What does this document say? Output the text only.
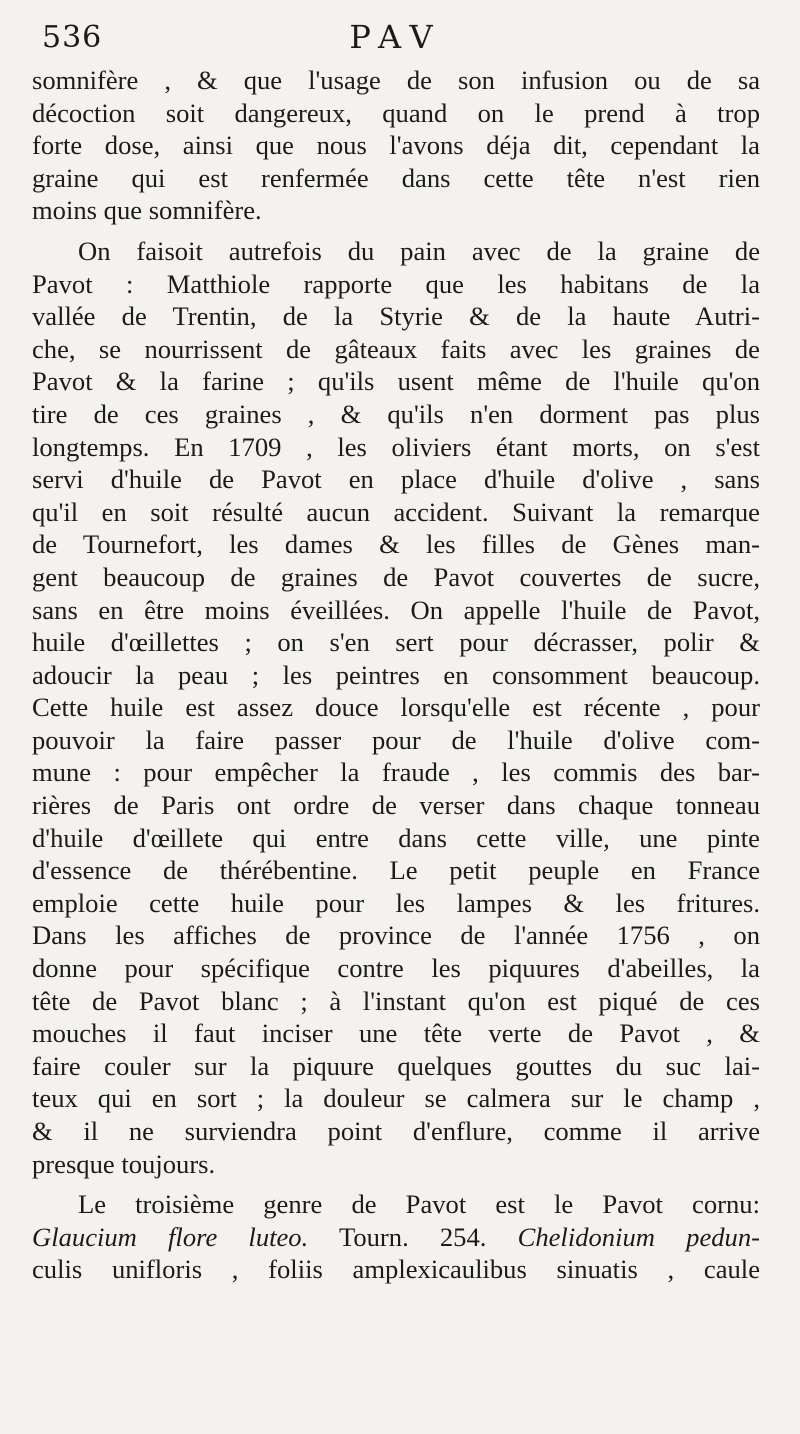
536	PAV
somnifère , & que l'usage de son infusion ou de sa
décoction soit dangereux, quand on le prend à trop
forte dose, ainsi que nous l'avons déja dit, cependant la
graine qui est renfermée dans cette tête n'est rien
moins que somnifère.
On faisoit autrefois du pain avec de la graine de
Pavot : Matthiole rapporte que les habitans de la
vallée de Trentin, de la Styrie & de la haute Autri-
che, se nourrissent de gâteaux faits avec les graines de
Pavot & la farine ; qu'ils usent même de l'huile qu'on
tire de ces graines , & qu'ils n'en dorment pas plus
longtemps. En 1709 , les oliviers étant morts, on s'est
servi d'huile de Pavot en place d'huile d'olive , sans
qu'il en soit résulté aucun accident. Suivant la remarque
de Tournefort, les dames & les filles de Gènes man-
gent beaucoup de graines de Pavot couvertes de sucre,
sans en être moins éveillées. On appelle l'huile de Pavot,
huile d'œillettes ; on s'en sert pour décrasser, polir &
adoucir la peau ; les peintres en consomment beaucoup.
Cette huile est assez douce lorsqu'elle est récente , pour
pouvoir la faire passer pour de l'huile d'olive com-
mune : pour empêcher la fraude , les commis des bar-
rières de Paris ont ordre de verser dans chaque tonneau
d'huile d'œillete qui entre dans cette ville, une pinte
d'essence de thérébentine. Le petit peuple en France
emploie cette huile pour les lampes & les fritures.
Dans les affiches de province de l'année 1756 , on
donne pour spécifique contre les piquures d'abeilles, la
tête de Pavot blanc ; à l'instant qu'on est piqué de ces
mouches il faut inciser une tête verte de Pavot , &
faire couler sur la piquure quelques gouttes du suc lai-
teux qui en sort ; la douleur se calmera sur le champ ,
& il ne surviendra point d'enflure, comme il arrive
presque toujours.
Le troisième genre de Pavot est le Pavot cornu:
Glaucium flore luteo. Tourn. 254. Chelidonium pedun-
culis unifloris , foliis amplexicaulibus sinuatis , caule
